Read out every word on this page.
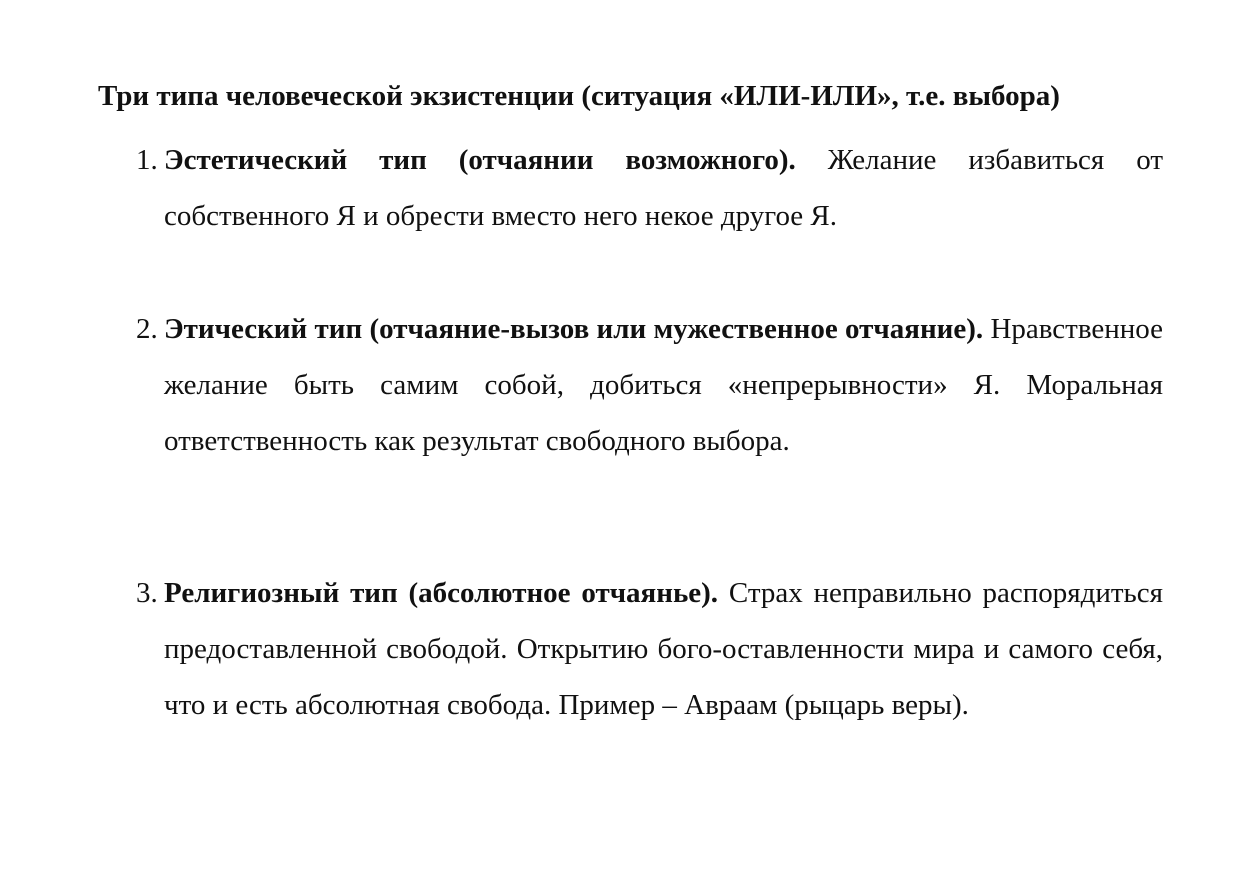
Три типа человеческой экзистенции (ситуация «ИЛИ-ИЛИ», т.е. выбора)
1. Эстетический тип (отчаянии возможного). Желание избавиться от собственного Я и обрести вместо него некое другое Я.

2. Этический тип (отчаяние-вызов или мужественное отчаяние). Нравственное желание быть самим собой, добиться «непрерывности» Я. Моральная ответственность как результат свободного выбора.

3. Религиозный тип (абсолютное отчаянье). Страх неправильно распорядиться предоставленной свободой. Открытию бого-оставленности мира и самого себя, что и есть абсолютная свобода. Пример – Авраам (рыцарь веры).
